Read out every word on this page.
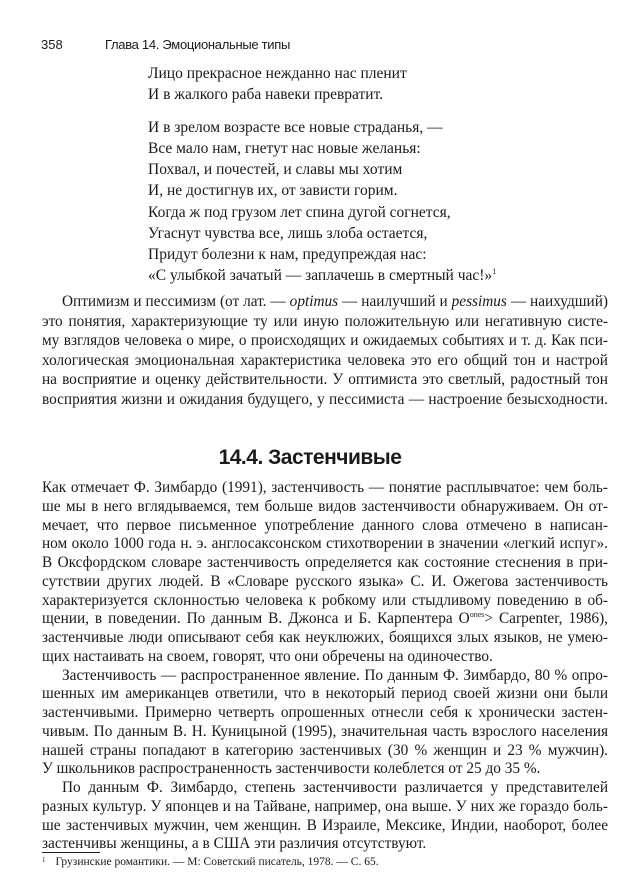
358	Глава 14. Эмоциональные типы
Лицо прекрасное нежданно нас пленит
И в жалкого раба навеки превратит.
И в зрелом возрасте все новые страданья, —
Все мало нам, гнетут нас новые желанья:
Похвал, и почестей, и славы мы хотим
И, не достигнув их, от зависти горим.
Когда ж под грузом лет спина дугой согнется,
Угаснут чувства все, лишь злоба остается,
Придут болезни к нам, предупреждая нас:
«С улыбкой зачатый — заплачешь в смертный час!»$^1$
Оптимизм и пессимизм (от лат. — optimus — наилучший и pessimus — наихудший)
это понятия, характеризующие ту или иную положительную или негативную систе-
му взглядов человека о мире, о происходящих и ожидаемых событиях и т. д. Как пси-
хологическая эмоциональная характеристика человека это его общий тон и настрой
на восприятие и оценку действительности. У оптимиста это светлый, радостный тон
восприятия жизни и ожидания будущего, у пессимиста — настроение безысходности.
14.4. Застенчивые
Как отмечает Ф. Зимбардо (1991), застенчивость — понятие расплывчатое: чем боль-
ше мы в него вглядываемся, тем больше видов застенчивости обнаруживаем. Он от-
мечает, что первое письменное употребление данного слова отмечено в написан-
ном около 1000 года н. э. англосаксонском стихотворении в значении «легкий испуг».
В Оксфордском словаре застенчивость определяется как состояние стеснения в при-
сутствии других людей. В «Словаре русского языка» С. И. Ожегова застенчивость
характеризуется склонностью человека к робкому или стыдливому поведению в об-
щении, в поведении. По данным В. Джонса и Б. Карпентера $O^{ones}>$ Carpenter, 1986),
застенчивые люди описывают себя как неуклюжих, боящихся злых языков, не умею-
щих настаивать на своем, говорят, что они обречены на одиночество.
Застенчивость — распространенное явление. По данным Ф. Зимбардо, 80 % опро-
шенных им американцев ответили, что в некоторый период своей жизни они были
застенчивыми. Примерно четверть опрошенных отнесли себя к хронически застен-
чивым. По данным В. Н. Куницыной (1995), значительная часть взрослого населения
нашей страны попадают в категорию застенчивых (30 % женщин и 23 % мужчин).
У школьников распространенность застенчивости колеблется от 25 до 35 %.
По данным Ф. Зимбардо, степень застенчивости различается у представителей
разных культур. У японцев и на Тайване, например, она выше. У них же гораздо боль-
ше застенчивых мужчин, чем женщин. В Израиле, Мексике, Индии, наоборот, более
застенчивы женщины, а в США эти различия отсутствуют.
$^1$ Грузинские романтики. — М: Советский писатель, 1978. — С. 65.
